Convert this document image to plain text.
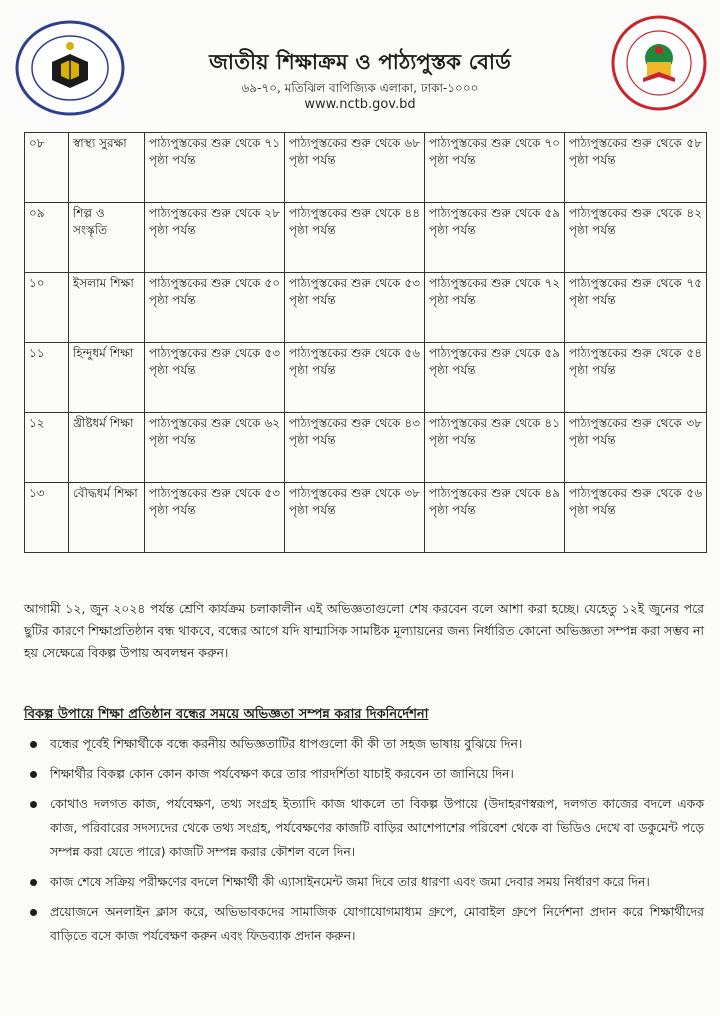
জাতীয় শিক্ষাক্রম ও পাঠ্যপুস্তক বোর্ড
৬৯-৭০, মতিঝিল বাণিজ্যিক এলাকা, ঢাকা-১০০০
www.nctb.gov.bd
০৮	স্বাস্থ্য সুরক্ষা	পাঠ্যপুস্তকের শুরু থেকে ৭১ পৃষ্ঠা পর্যন্ত	পাঠ্যপুস্তকের শুরু থেকে ৬৮ পৃষ্ঠা পর্যন্ত	পাঠ্যপুস্তকের শুরু থেকে ৭০ পৃষ্ঠা পর্যন্ত	পাঠ্যপুস্তকের শুরু থেকে ৫৮ পৃষ্ঠা পর্যন্ত
০৯	শিল্প ও সংস্কৃতি	পাঠ্যপুস্তকের শুরু থেকে ২৮ পৃষ্ঠা পর্যন্ত	পাঠ্যপুস্তকের শুরু থেকে ৪৪ পৃষ্ঠা পর্যন্ত	পাঠ্যপুস্তকের শুরু থেকে ৫৯ পৃষ্ঠা পর্যন্ত	পাঠ্যপুস্তকের শুরু থেকে ৪২ পৃষ্ঠা পর্যন্ত
১০	ইসলাম শিক্ষা	পাঠ্যপুস্তকের শুরু থেকে ৫০ পৃষ্ঠা পর্যন্ত	পাঠ্যপুস্তকের শুরু থেকে ৫৩ পৃষ্ঠা পর্যন্ত	পাঠ্যপুস্তকের শুরু থেকে ৭২ পৃষ্ঠা পর্যন্ত	পাঠ্যপুস্তকের শুরু থেকে ৭৫ পৃষ্ঠা পর্যন্ত
১১	হিন্দুধর্ম শিক্ষা	পাঠ্যপুস্তকের শুরু থেকে ৫৩ পৃষ্ঠা পর্যন্ত	পাঠ্যপুস্তকের শুরু থেকে ৫৬ পৃষ্ঠা পর্যন্ত	পাঠ্যপুস্তকের শুরু থেকে ৫৯ পৃষ্ঠা পর্যন্ত	পাঠ্যপুস্তকের শুরু থেকে ৫৪ পৃষ্ঠা পর্যন্ত
১২	খ্রীষ্টধর্ম শিক্ষা	পাঠ্যপুস্তকের শুরু থেকে ৬২ পৃষ্ঠা পর্যন্ত	পাঠ্যপুস্তকের শুরু থেকে ৪৩ পৃষ্ঠা পর্যন্ত	পাঠ্যপুস্তকের শুরু থেকে ৪১ পৃষ্ঠা পর্যন্ত	পাঠ্যপুস্তকের শুরু থেকে ৩৮ পৃষ্ঠা পর্যন্ত
১৩	বৌদ্ধধর্ম শিক্ষা	পাঠ্যপুস্তকের শুরু থেকে ৫৩ পৃষ্ঠা পর্যন্ত	পাঠ্যপুস্তকের শুরু থেকে ৩৮ পৃষ্ঠা পর্যন্ত	পাঠ্যপুস্তকের শুরু থেকে ৪৯ পৃষ্ঠা পর্যন্ত	পাঠ্যপুস্তকের শুরু থেকে ৫৬ পৃষ্ঠা পর্যন্ত
আগামী ১২, জুন ২০২৪ পর্যন্ত শ্রেণি কার্যক্রম চলাকালীন এই অভিজ্ঞতাগুলো শেষ করবেন বলে আশা করা হচ্ছে। যেহেতু ১২ই জুনের পরে ছুটির কারণে শিক্ষাপ্রতিষ্ঠান বন্ধ থাকবে, বন্ধের আগে যদি ষান্মাসিক সামষ্টিক মূল্যায়নের জন্য নির্ধারিত কোনো অভিজ্ঞতা সম্পন্ন করা সম্ভব না হয় সেক্ষেত্রে বিকল্প উপায় অবলম্বন করুন।
বিকল্প উপায়ে শিক্ষা প্রতিষ্ঠান বন্ধের সময়ে অভিজ্ঞতা সম্পন্ন করার দিকনির্দেশনা
বন্ধের পূর্বেই শিক্ষার্থীকে বন্ধে করনীয় অভিজ্ঞতাটির ধাপগুলো কী কী তা সহজ ভাষায় বুঝিয়ে দিন।
শিক্ষার্থীর বিকল্প কোন কোন কাজ পর্যবেক্ষণ করে তার পারদর্শিতা যাচাই করবেন তা জানিয়ে দিন।
কোথাও দলগত কাজ, পর্যবেক্ষণ, তথ্য সংগ্রহ ইত্যাদি কাজ থাকলে তা বিকল্প উপায়ে (উদাহরণস্বরূপ, দলগত কাজের বদলে একক কাজ, পরিবারের সদস্যদের থেকে তথ্য সংগ্রহ, পর্যবেক্ষণের কাজটি বাড়ির আশেপাশের পরিবেশ থেকে বা ভিডিও দেখে বা ডকুমেন্ট পড়ে সম্পন্ন করা যেতে পারে) কাজটি সম্পন্ন করার কৌশল বলে দিন।
কাজ শেষে সক্রিয় পরীক্ষণের বদলে শিক্ষার্থী কী এ্যাসাইনমেন্ট জমা দিবে তার ধারণা এবং জমা দেবার সময় নির্ধারণ করে দিন।
প্রয়োজনে অনলাইন ক্লাস করে, অভিভাবকদের সামাজিক যোগাযোগমাধ্যম গ্রুপে, মোবাইল গ্রুপে নির্দেশনা প্রদান করে শিক্ষার্থীদের বাড়িতে বসে কাজ পর্যবেক্ষণ করুন এবং ফিডব্যাক প্রদান করুন।
